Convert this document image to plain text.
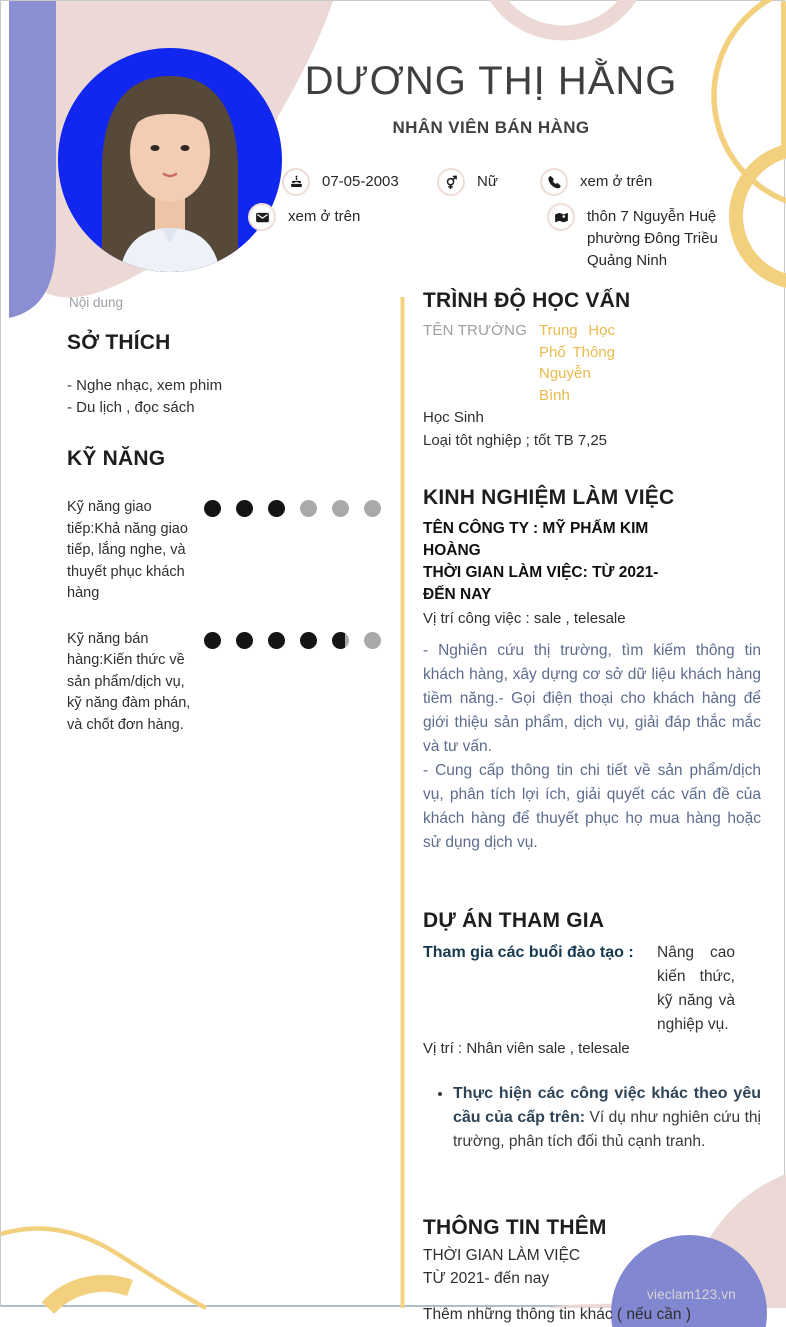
DƯƠNG THỊ HẰNG
NHÂN VIÊN BÁN HÀNG
07-05-2003	Nữ	xem ở trên
xem ở trên	thôn 7 Nguyễn Huệ phường Đông Triều Quảng Ninh
Nội dung
SỞ THÍCH
- Nghe nhạc, xem phim
- Du lịch , đọc sách
KỸ NĂNG
Kỹ năng giao tiếp:Khả năng giao tiếp, lắng nghe, và thuyết phục khách hàng
Kỹ năng bán hàng:Kiến thức về sản phẩm/dịch vụ, kỹ năng đàm phán, và chốt đơn hàng.
TRÌNH ĐỘ HỌC VẤN
TÊN TRƯỜNG Trung Học Phổ Thông Nguyễn Bình
Học Sinh
Loại tôt nghiệp ; tốt TB 7,25
KINH NGHIỆM LÀM VIỆC
TÊN CÔNG TY : MỸ PHẤM KIM HOÀNG
THỜI GIAN LÀM VIỆC: TỪ 2021- ĐẾN NAY
Vị trí công việc : sale , telesale

- Nghiên cứu thị trường, tìm kiếm thông tin khách hàng, xây dựng cơ sở dữ liệu khách hàng tiềm năng.- Gọi điện thoại cho khách hàng để giới thiệu sản phẩm, dịch vụ, giải đáp thắc mắc và tư vấn.

- Cung cấp thông tin chi tiết về sản phẩm/dịch vụ, phân tích lợi ích, giải quyết các vấn đề của khách hàng để thuyết phục họ mua hàng hoặc sử dụng dịch vụ.

DỰ ÁN THAM GIA
Tham gia các buổi đào tạo :	Nâng cao kiến thức, kỹ năng và nghiệp vụ.
Vị trí : Nhân viên sale , telesale
• Thực hiện các công việc khác theo yêu cầu của cấp trên: Ví dụ như nghiên cứu thị trường, phân tích đối thủ cạnh tranh.
THÔNG TIN THÊM
THỜI GIAN LÀM VIỆC
TỪ 2021- đến nay
Thêm những thông tin khác ( nếu cần )
vieclam123.vn
